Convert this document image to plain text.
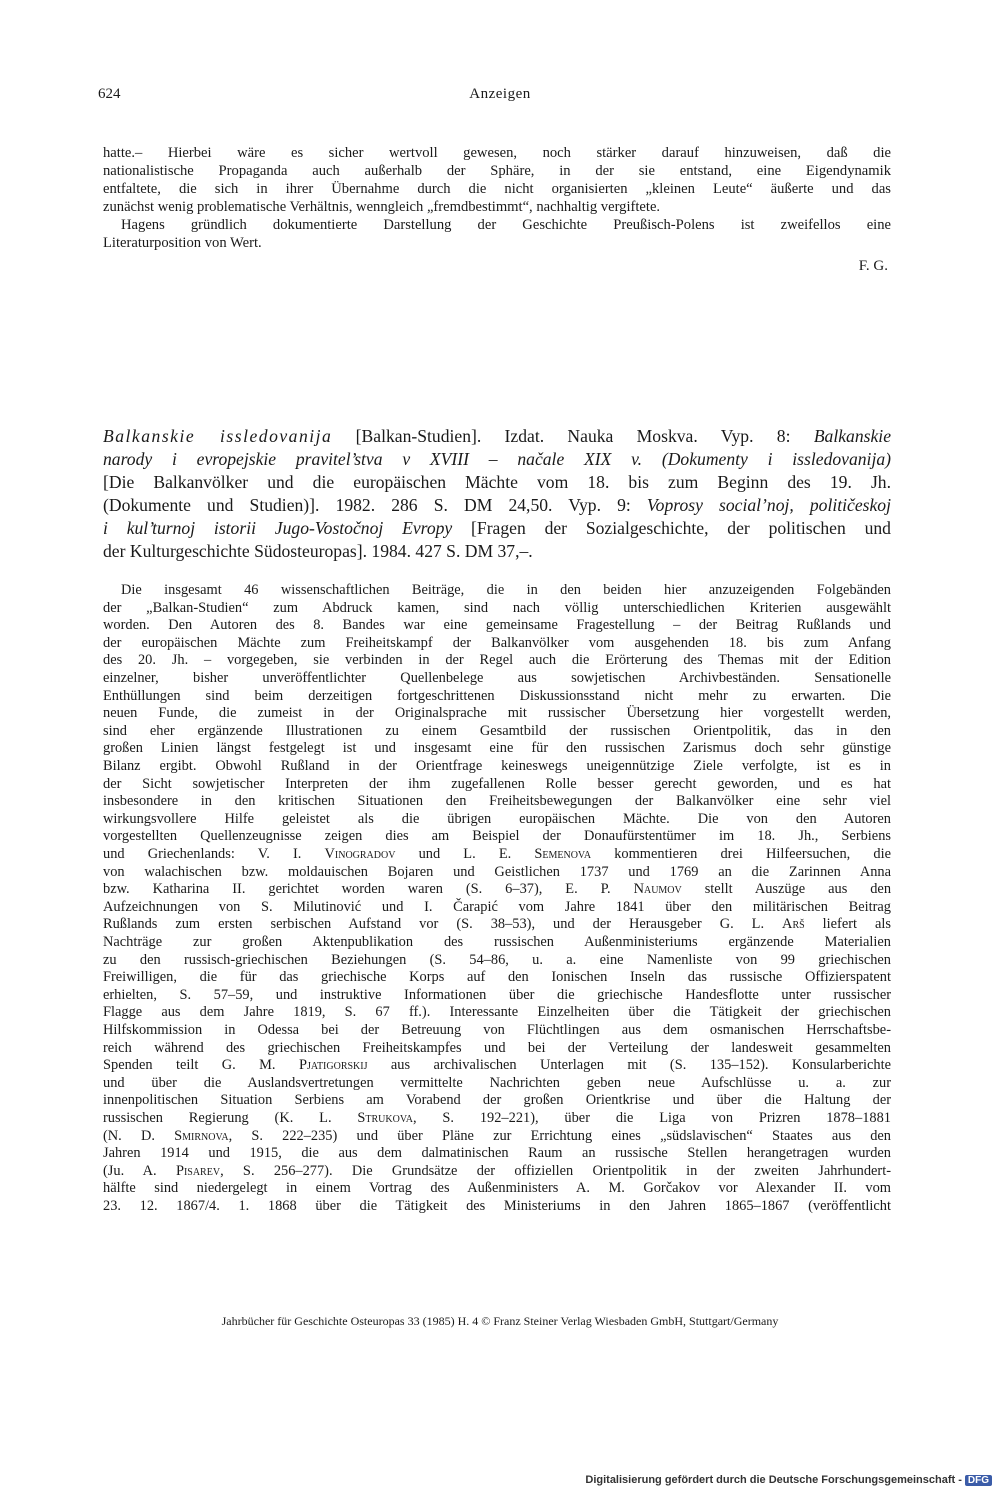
624	Anzeigen
hatte.– Hierbei wäre es sicher wertvoll gewesen, noch stärker darauf hinzuweisen, daß die
nationalistische Propaganda auch außerhalb der Sphäre, in der sie entstand, eine Eigendynamik
entfaltete, die sich in ihrer Übernahme durch die nicht organisierten „kleinen Leute“ äußerte und das
zunächst wenig problematische Verhältnis, wenngleich „fremdbestimmt“, nachhaltig vergiftete.
Hagens gründlich dokumentierte Darstellung der Geschichte Preußisch-Polens ist zweifellos eine
Literaturposition von Wert.
F. G.
Balkanskie issledovanija [Balkan-Studien]. Izdat. Nauka Moskva. Vyp. 8: Balkanskie
narody i evropejskie pravitel’stva v XVIII – načale XIX v. (Dokumenty i issledovanija)
[Die Balkanvölker und die europäischen Mächte vom 18. bis zum Beginn des 19. Jh.
(Dokumente und Studien)]. 1982. 286 S. DM 24,50. Vyp. 9: Voprosy social’noj, političeskoj
i kul’turnoj istorii Jugo-Vostočnoj Evropy [Fragen der Sozialgeschichte, der politischen und
der Kulturgeschichte Südosteuropas]. 1984. 427 S. DM 37,–.
Die insgesamt 46 wissenschaftlichen Beiträge, die in den beiden hier anzuzeigenden Folgebänden
der „Balkan-Studien“ zum Abdruck kamen, sind nach völlig unterschiedlichen Kriterien ausgewählt
worden. Den Autoren des 8. Bandes war eine gemeinsame Fragestellung – der Beitrag Rußlands und
der europäischen Mächte zum Freiheitskampf der Balkanvölker vom ausgehenden 18. bis zum Anfang
des 20. Jh. – vorgegeben, sie verbinden in der Regel auch die Erörterung des Themas mit der Edition
einzelner, bisher unveröffentlichter Quellenbelege aus sowjetischen Archivbeständen. Sensationelle
Enthüllungen sind beim derzeitigen fortgeschrittenen Diskussionsstand nicht mehr zu erwarten. Die
neuen Funde, die zumeist in der Originalsprache mit russischer Übersetzung hier vorgestellt werden,
sind eher ergänzende Illustrationen zu einem Gesamtbild der russischen Orientpolitik, das in den
großen Linien längst festgelegt ist und insgesamt eine für den russischen Zarismus doch sehr günstige
Bilanz ergibt. Obwohl Rußland in der Orientfrage keineswegs uneigennützige Ziele verfolgte, ist es in
der Sicht sowjetischer Interpreten der ihm zugefallenen Rolle besser gerecht geworden, und es hat
insbesondere in den kritischen Situationen den Freiheitsbewegungen der Balkanvölker eine sehr viel
wirkungsvollere Hilfe geleistet als die übrigen europäischen Mächte. Die von den Autoren
vorgestellten Quellenzeugnisse zeigen dies am Beispiel der Donaufürstentümer im 18. Jh., Serbiens
und Griechenlands: V. I. Vinogradov und L. E. Semenova kommentieren drei Hilfeersuchen, die
von walachischen bzw. moldauischen Bojaren und Geistlichen 1737 und 1769 an die Zarinnen Anna
bzw. Katharina II. gerichtet worden waren (S. 6–37), E. P. Naumov stellt Auszüge aus den
Aufzeichnungen von S. Milutinović und I. Čarapić vom Jahre 1841 über den militärischen Beitrag
Rußlands zum ersten serbischen Aufstand vor (S. 38–53), und der Herausgeber G. L. Arš liefert als
Nachträge zur großen Aktenpublikation des russischen Außenministeriums ergänzende Materialien
zu den russisch-griechischen Beziehungen (S. 54–86, u. a. eine Namenliste von 99 griechischen
Freiwilligen, die für das griechische Korps auf den Ionischen Inseln das russische Offizierspatent
erhielten, S. 57–59, und instruktive Informationen über die griechische Handesflotte unter russischer
Flagge aus dem Jahre 1819, S. 67 ff.). Interessante Einzelheiten über die Tätigkeit der griechischen
Hilfskommission in Odessa bei der Betreuung von Flüchtlingen aus dem osmanischen Herrschaftsbe-
reich während des griechischen Freiheitskampfes und bei der Verteilung der landesweit gesammelten
Spenden teilt G. M. Pjatigorskij aus archivalischen Unterlagen mit (S. 135–152). Konsularberichte
und über die Auslandsvertretungen vermittelte Nachrichten geben neue Aufschlüsse u. a. zur
innenpolitischen Situation Serbiens am Vorabend der großen Orientkrise und über die Haltung der
russischen Regierung (K. L. Strukova, S. 192–221), über die Liga von Prizren 1878–1881
(N. D. Smirnova, S. 222–235) und über Pläne zur Errichtung eines „südslavischen“ Staates aus den
Jahren 1914 und 1915, die aus dem dalmatinischen Raum an russische Stellen herangetragen wurden
(Ju. A. Pisarev, S. 256–277). Die Grundsätze der offiziellen Orientpolitik in der zweiten Jahrhundert-
hälfte sind niedergelegt in einem Vortrag des Außenministers A. M. Gorčakov vor Alexander II. vom
23. 12. 1867/4. 1. 1868 über die Tätigkeit des Ministeriums in den Jahren 1865–1867 (veröffentlicht
Jahrbücher für Geschichte Osteuropas 33 (1985) H. 4 © Franz Steiner Verlag Wiesbaden GmbH, Stuttgart/Germany
Digitalisierung gefördert durch die Deutsche Forschungsgemeinschaft - DFG
